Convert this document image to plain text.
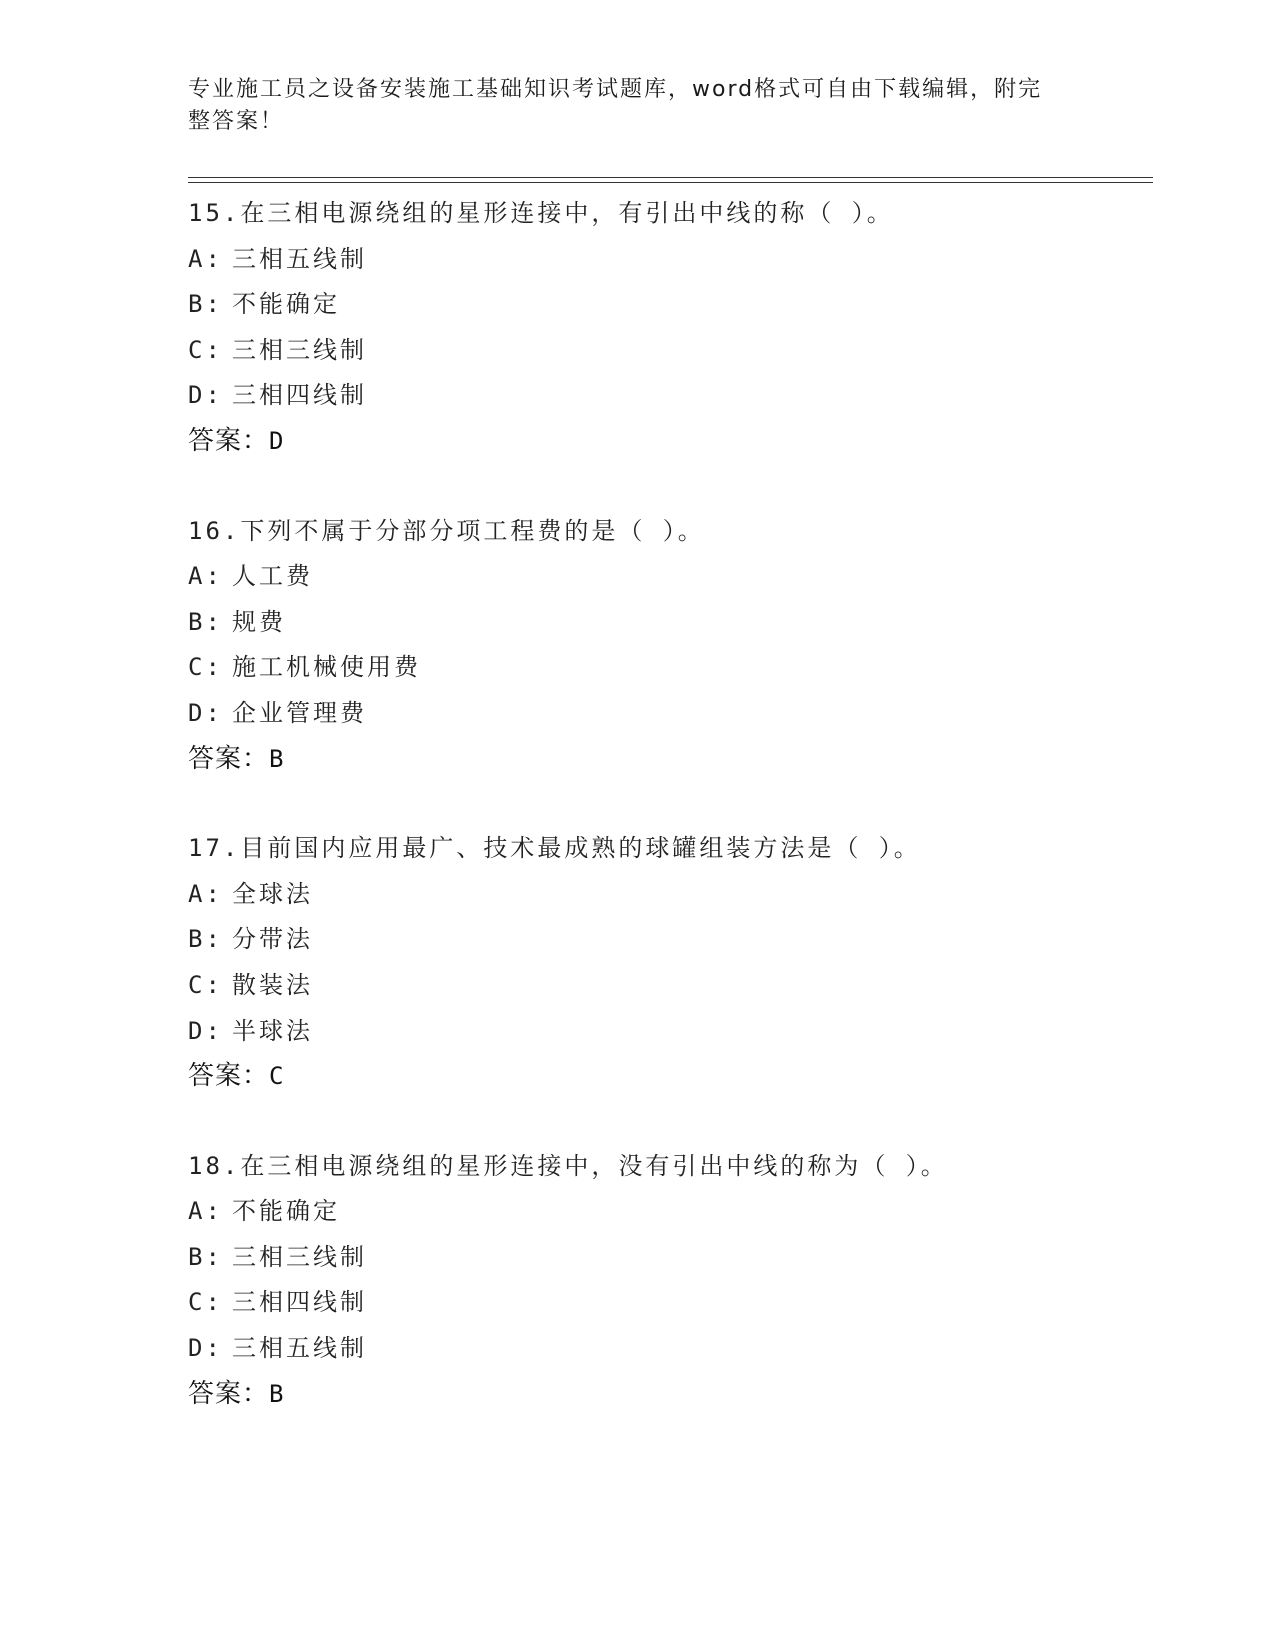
专业施工员之设备安装施工基础知识考试题库，word格式可自由下载编辑，附完
整答案！
15.在三相电源绕组的星形连接中，有引出中线的称（ ）。
A: 三相五线制
B: 不能确定
C: 三相三线制
D: 三相四线制
答案：D
16.下列不属于分部分项工程费的是（ ）。
A: 人工费
B: 规费
C: 施工机械使用费
D: 企业管理费
答案：B
17.目前国内应用最广、技术最成熟的球罐组装方法是（ ）。
A: 全球法
B: 分带法
C: 散装法
D: 半球法
答案：C
18.在三相电源绕组的星形连接中，没有引出中线的称为（ ）。
A: 不能确定
B: 三相三线制
C: 三相四线制
D: 三相五线制
答案：B
